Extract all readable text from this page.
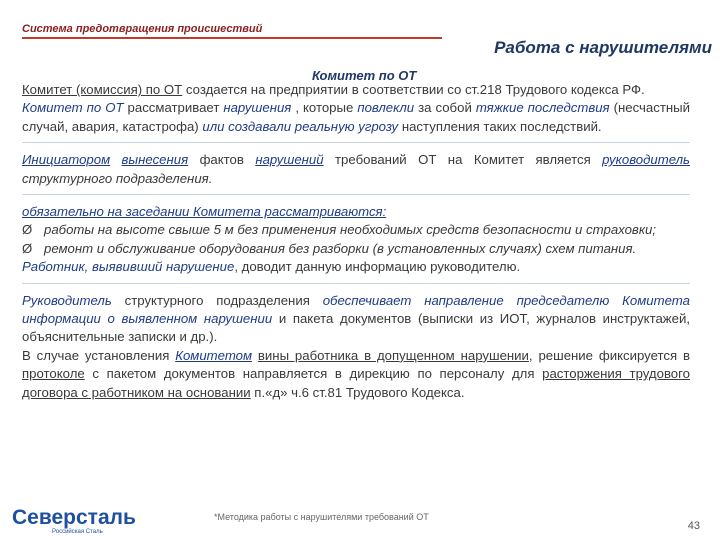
Система предотвращения происшествий
Работа с нарушителями
Комитет по ОТ

Комитет (комиссия) по ОТ создается на предприятии в соответствии со ст.218 Трудового кодекса РФ.

Комитет по ОТ рассматривает нарушения , которые повлекли за собой тяжкие последствия (несчастный случай, авария, катастрофа) или создавали реальную угрозу наступления таких последствий.

Инициатором вынесения фактов нарушений требований ОТ на Комитет является руководитель структурного подразделения.

обязательно на заседании Комитета рассматриваются:

Ø работы на высоте свыше 5 м без применения необходимых средств безопасности и страховки;

Ø ремонт и обслуживание оборудования без разборки (в установленных случаях) схем питания.

Работник, выявивший нарушение, доводит данную информацию руководителю.

Руководитель структурного подразделения обеспечивает направление председателю Комитета информации о выявленном нарушении и пакета документов (выписки из ИОТ, журналов инструктажей, объяснительные записки и др.).

В случае установления Комитетом вины работника в допущенном нарушении, решение фиксируется в протоколе с пакетом документов направляется в дирекцию по персоналу для расторжения трудового договора с работником на основании п.«д» ч.6 ст.81 Трудового Кодекса.

Северсталь
Российская Сталь
*Методика работы с нарушителями требований ОТ
43
